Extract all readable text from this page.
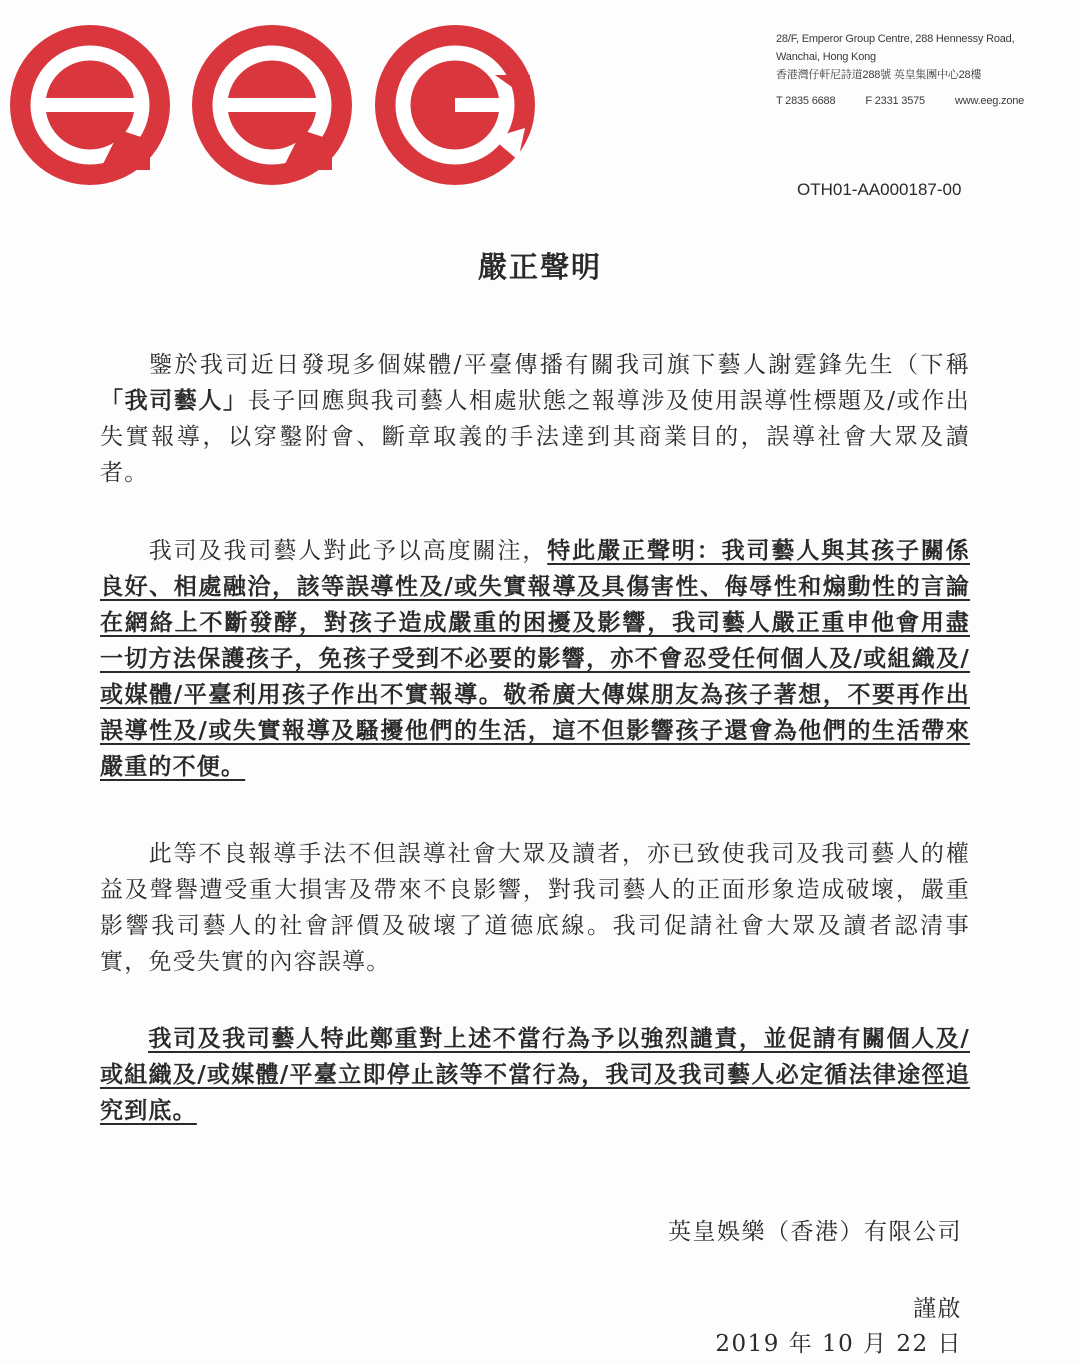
28/F, Emperor Group Centre, 288 Hennessy Road,
Wanchai, Hong Kong
香港灣仔軒尼詩道288號 英皇集團中心28樓
T 2835 6688	F 2331 3575	www.eeg.zone
OTH01-AA000187-00
嚴正聲明

鑒於我司近日發現多個媒體/平臺傳播有關我司旗下藝人謝霆鋒先生（下稱「我司藝人」長子回應與我司藝人相處狀態之報導涉及使用誤導性標題及/或作出失實報導，以穿鑿附會、斷章取義的手法達到其商業目的，誤導社會大眾及讀者。

我司及我司藝人對此予以高度關注，特此嚴正聲明：我司藝人與其孩子關係良好、相處融洽，該等誤導性及/或失實報導及具傷害性、侮辱性和煽動性的言論在網絡上不斷發酵，對孩子造成嚴重的困擾及影響，我司藝人嚴正重申他會用盡一切方法保護孩子，免孩子受到不必要的影響，亦不會忍受任何個人及/或組織及/或媒體/平臺利用孩子作出不實報導。敬希廣大傳媒朋友為孩子著想，不要再作出誤導性及/或失實報導及騷擾他們的生活，這不但影響孩子還會為他們的生活帶來嚴重的不便。

此等不良報導手法不但誤導社會大眾及讀者，亦已致使我司及我司藝人的權益及聲譽遭受重大損害及帶來不良影響，對我司藝人的正面形象造成破壞，嚴重影響我司藝人的社會評價及破壞了道德底線。我司促請社會大眾及讀者認清事實，免受失實的內容誤導。

我司及我司藝人特此鄭重對上述不當行為予以強烈譴責，並促請有關個人及/或組織及/或媒體/平臺立即停止該等不當行為，我司及我司藝人必定循法律途徑追究到底。

英皇娛樂（香港）有限公司
謹啟
2019 年 10 月 22 日
